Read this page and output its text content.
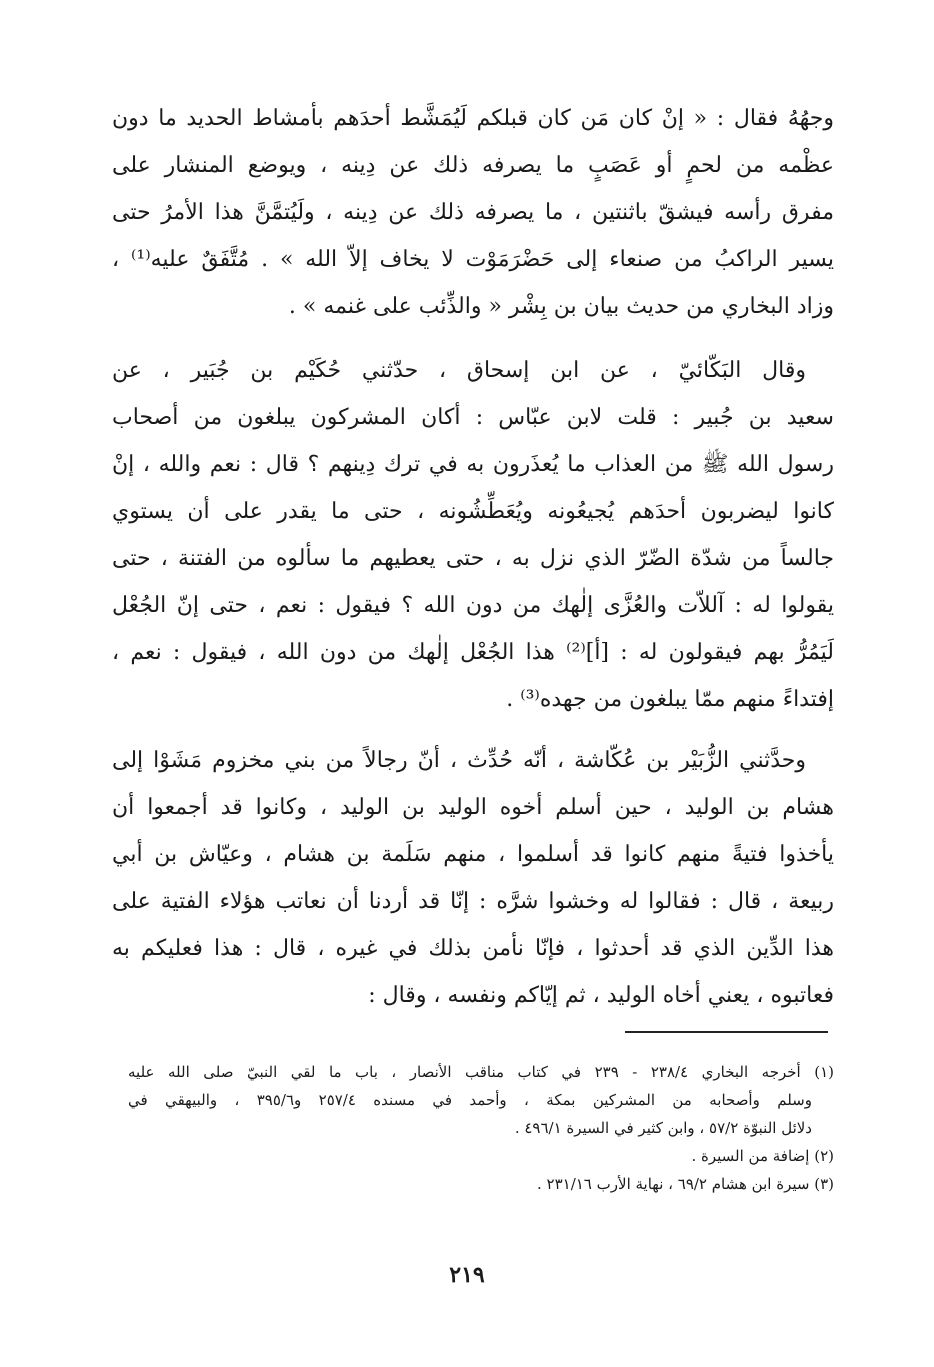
وجهُهُ فقال : « إنْ كان مَن كان قبلكم لَيُمَشَّط أحدَهم بأمشاط الحديد ما دون
عظْمه من لحمٍ أو عَصَبٍ ما يصرفه ذلك عن دِينه ، ويوضع المنشار على
مفرق رأسه فيشقّ باثنتين ، ما يصرفه ذلك عن دِينه ، ولَيُتمَّنَّ هذا الأمرُ حتى
يسير الراكبُ من صنعاء إلى حَضْرَمَوْت لا يخاف إلاّ الله » . مُتَّفَقٌ عليه⁽¹⁾ ،
وزاد البخاري من حديث بيان بن بِشْر « والذِّئب على غنمه » .
وقال البَكّائيّ ، عن ابن إسحاق ، حدّثني حُكَيْم بن جُبَير ، عن
سعيد بن جُبير : قلت لابن عبّاس : أكان المشركون يبلغون من أصحاب
رسول الله ﷺ من العذاب ما يُعذَرون به في ترك دِينهم ؟ قال : نعم والله ، إنْ
كانوا ليضربون أحدَهم يُجيعُونه ويُعَطِّشُونه ، حتى ما يقدر على أن يستوي
جالساً من شدّة الضّرّ الذي نزل به ، حتى يعطيهم ما سألوه من الفتنة ، حتى
يقولوا له : آللاّت والعُزَّى إلٰهك من دون الله ؟ فيقول : نعم ، حتى إنّ الجُعْل
لَيَمُرُّ بهم فيقولون له : [أ]⁽²⁾ هذا الجُعْل إلٰهك من دون الله ، فيقول : نعم ،
إفتداءً منهم ممّا يبلغون من جهده⁽³⁾ .
وحدَّثني الزُّبَيْر بن عُكّاشة ، أنّه حُدِّث ، أنّ رجالاً من بني مخزوم مَشَوْا إلى
هشام بن الوليد ، حين أسلم أخوه الوليد بن الوليد ، وكانوا قد أجمعوا أن
يأخذوا فتيةً منهم كانوا قد أسلموا ، منهم سَلَمة بن هشام ، وعيّاش بن أبي
ربيعة ، قال : فقالوا له وخشوا شرَّه : إنّا قد أردنا أن نعاتب هؤلاء الفتية على
هذا الدِّين الذي قد أحدثوا ، فإنّا نأمن بذلك في غيره ، قال : هذا فعليكم به
فعاتبوه ، يعني أخاه الوليد ، ثم إيّاكم ونفسه ، وقال :
(١) أخرجه البخاري ٢٣٨/٤ - ٢٣٩ في كتاب مناقب الأنصار ، باب ما لقي النبيّ صلى الله عليه
وسلم وأصحابه من المشركين بمكة ، وأحمد في مسنده ٢٥٧/٤ و٣٩٥/٦ ، والبيهقي في
دلائل النبوّة ٥٧/٢ ، وابن كثير في السيرة ٤٩٦/١ .
(٢) إضافة من السيرة .
(٣) سيرة ابن هشام ٦٩/٢ ، نهاية الأرب ٢٣١/١٦ .
٢١٩
